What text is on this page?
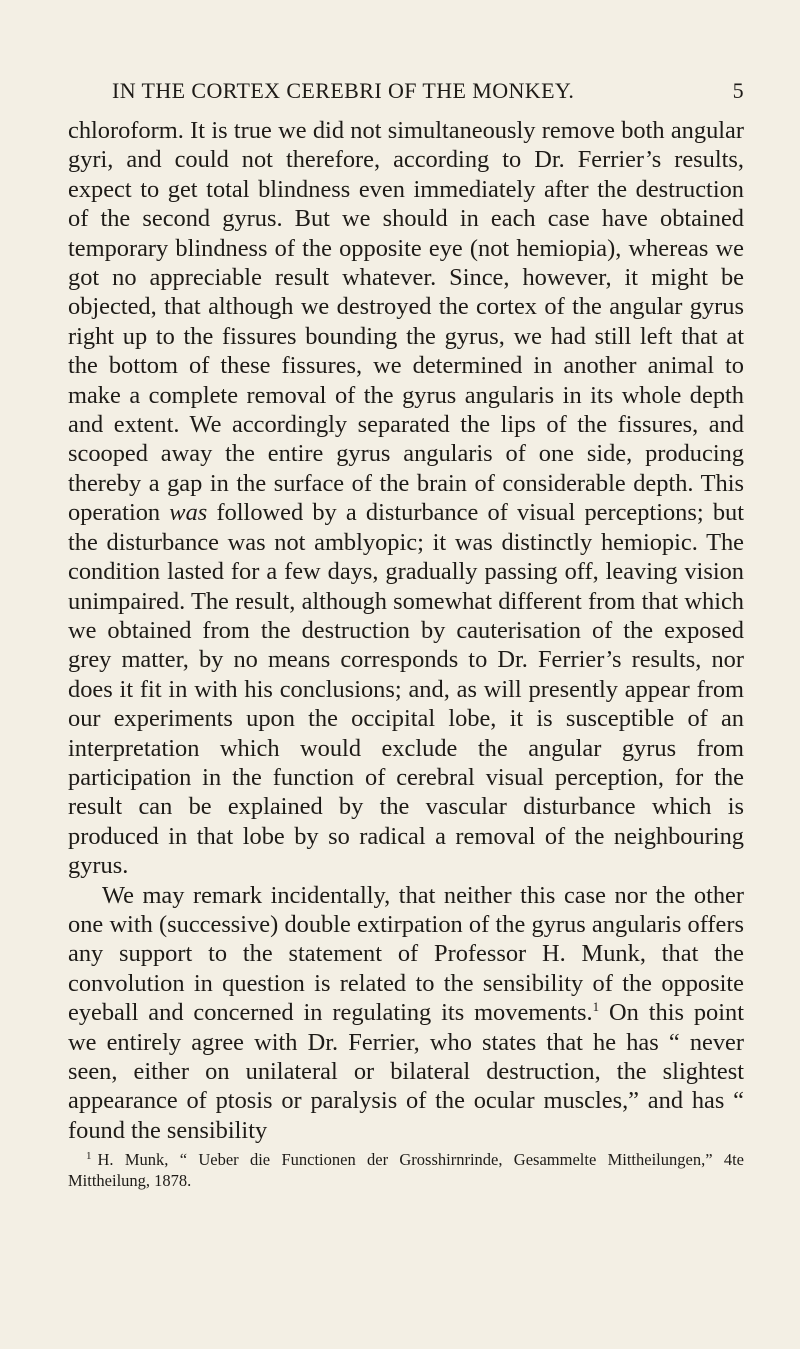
IN THE CORTEX CEREBRI OF THE MONKEY.	5

chloroform. It is true we did not simultaneously remove both angular gyri, and could not therefore, according to Dr. Ferrier’s results, expect to get total blindness even immediately after the destruction of the second gyrus. But we should in each case have obtained temporary blindness of the opposite eye (not hemiopia), whereas we got no appreciable result whatever. Since, however, it might be objected, that although we destroyed the cortex of the angular gyrus right up to the fissures bounding the gyrus, we had still left that at the bottom of these fissures, we determined in another animal to make a complete removal of the gyrus angularis in its whole depth and extent. We accordingly separated the lips of the fissures, and scooped away the entire gyrus angularis of one side, producing thereby a gap in the surface of the brain of considerable depth. This operation was followed by a disturbance of visual perceptions; but the disturbance was not amblyopic; it was distinctly hemiopic. The condition lasted for a few days, gradually passing off, leaving vision unimpaired. The result, although somewhat different from that which we obtained from the destruction by cauterisation of the exposed grey matter, by no means corresponds to Dr. Ferrier’s results, nor does it fit in with his conclusions; and, as will presently appear from our experiments upon the occipital lobe, it is susceptible of an interpretation which would exclude the angular gyrus from participation in the function of cerebral visual perception, for the result can be explained by the vascular disturbance which is produced in that lobe by so radical a removal of the neighbouring gyrus.

We may remark incidentally, that neither this case nor the other one with (successive) double extirpation of the gyrus angularis offers any support to the statement of Professor H. Munk, that the convolution in question is related to the sensibility of the opposite eyeball and concerned in regulating its movements.$^1$ On this point we entirely agree with Dr. Ferrier, who states that he has “ never seen, either on unilateral or bilateral destruction, the slightest appearance of ptosis or paralysis of the ocular muscles,” and has “ found the sensibility

$^1$ H. Munk, “ Ueber die Functionen der Grosshirnrinde, Gesammelte Mittheilungen,” 4te Mittheilung, 1878.
